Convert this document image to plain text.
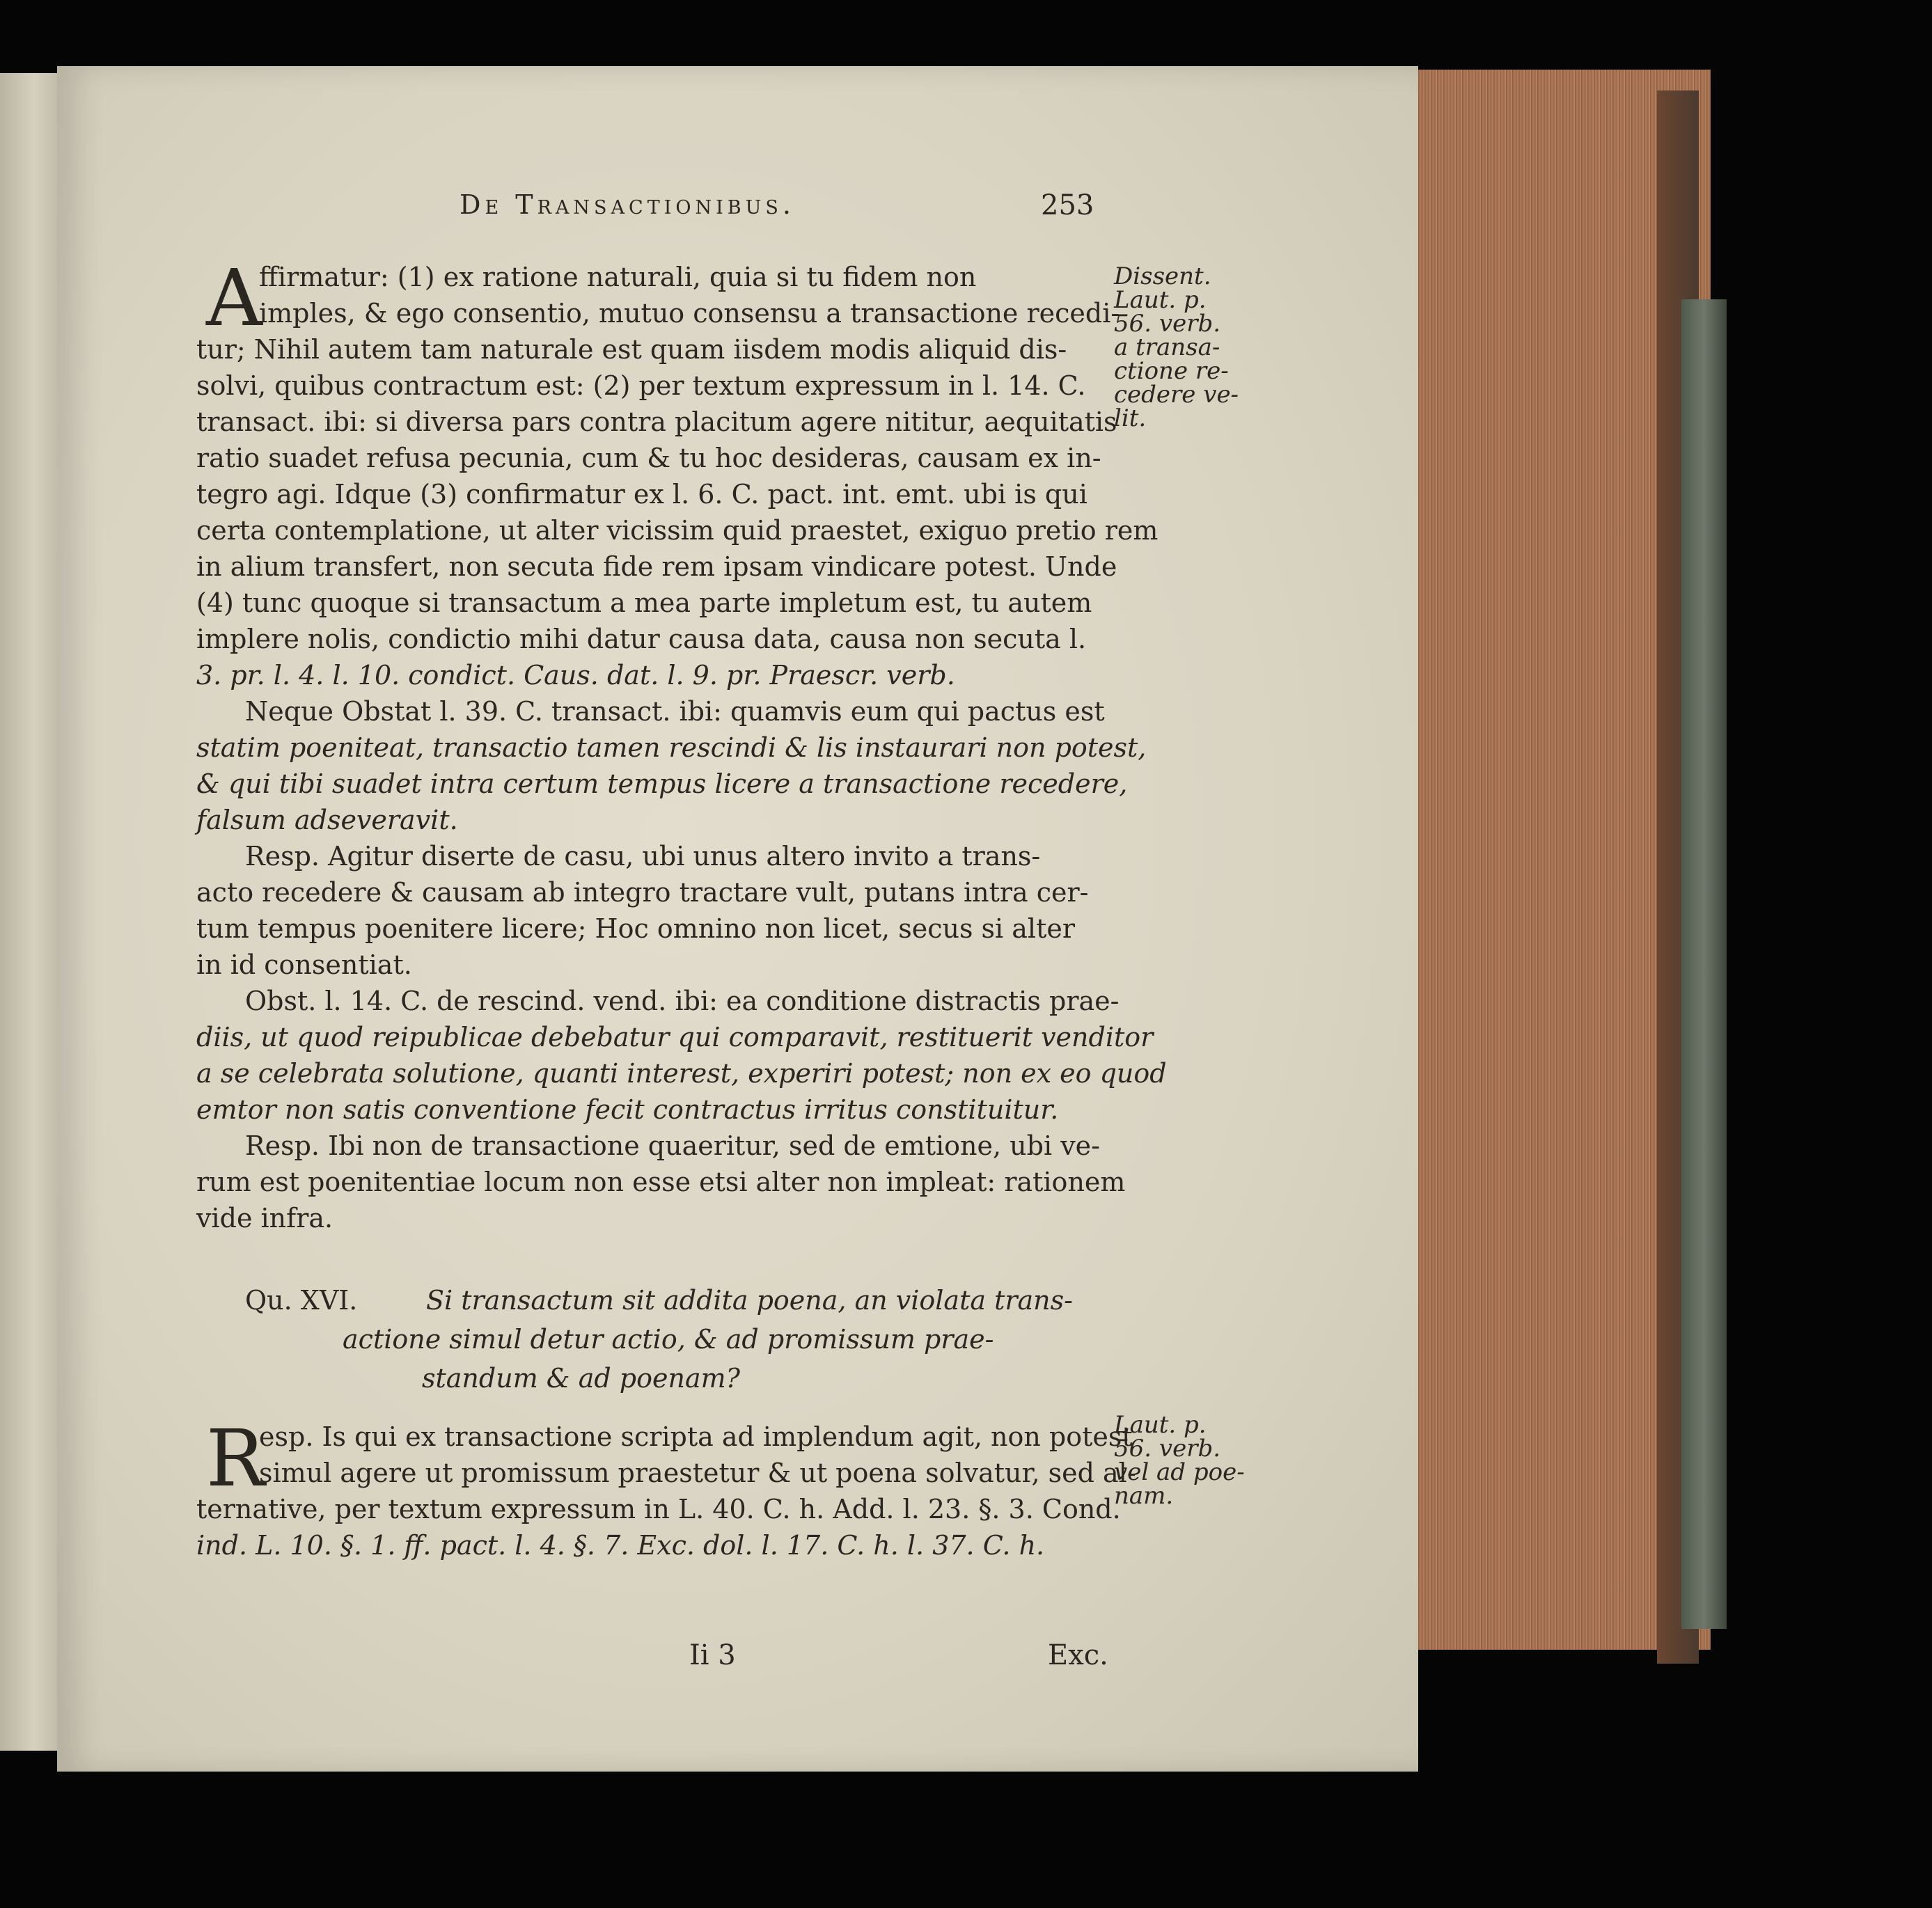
De Transactionibus.	253
A
ffirmatur: (1) ex ratione naturali, quia si tu fidem non
imples, & ego consentio, mutuo consensu a transactione recedi-
tur; Nihil autem tam naturale est quam iisdem modis aliquid dis-
solvi, quibus contractum est: (2) per textum expressum in l. 14. C.
transact. ibi: si diversa pars contra placitum agere nititur, aequitatis
ratio suadet refusa pecunia, cum & tu hoc desideras, causam ex in-
tegro agi. Idque (3) confirmatur ex l. 6. C. pact. int. emt. ubi is qui
certa contemplatione, ut alter vicissim quid praestet, exiguo pretio rem
in alium transfert, non secuta fide rem ipsam vindicare potest. Unde
(4) tunc quoque si transactum a mea parte impletum est, tu autem
implere nolis, condictio mihi datur causa data, causa non secuta l.
3. pr. l. 4. l. 10. condict. Caus. dat. l. 9. pr. Praescr. verb.
Neque Obstat l. 39. C. transact. ibi: quamvis eum qui pactus est
statim poeniteat, transactio tamen rescindi & lis instaurari non potest,
& qui tibi suadet intra certum tempus licere a transactione recedere,
falsum adseveravit.
Resp. Agitur diserte de casu, ubi unus altero invito a trans-
acto recedere & causam ab integro tractare vult, putans intra cer-
tum tempus poenitere licere; Hoc omnino non licet, secus si alter
in id consentiat.
Obst. l. 14. C. de rescind. vend. ibi: ea conditione distractis prae-
diis, ut quod reipublicae debebatur qui comparavit, restituerit venditor
a se celebrata solutione, quanti interest, experiri potest; non ex eo quod
emtor non satis conventione fecit contractus irritus constituitur.
Resp. Ibi non de transactione quaeritur, sed de emtione, ubi ve-
rum est poenitentiae locum non esse etsi alter non impleat: rationem
vide infra.
Qu. XVI.	Si transactum sit addita poena, an violata trans-
actione simul detur actio, & ad promissum prae-
standum & ad poenam?
R
esp. Is qui ex transactione scripta ad implendum agit, non potest
simul agere ut promissum praestetur & ut poena solvatur, sed al-
ternative, per textum expressum in L. 40. C. h. Add. l. 23. §. 3. Cond.
ind. L. 10. §. 1. ff. pact. l. 4. §. 7. Exc. dol. l. 17. C. h. l. 37. C. h.
Dissent.
Laut. p.
56. verb.
a transa-
ctione re-
cedere ve-
lit.
Laut. p.
56. verb.
vel ad poe-
nam.
Ii 3	Exc.
